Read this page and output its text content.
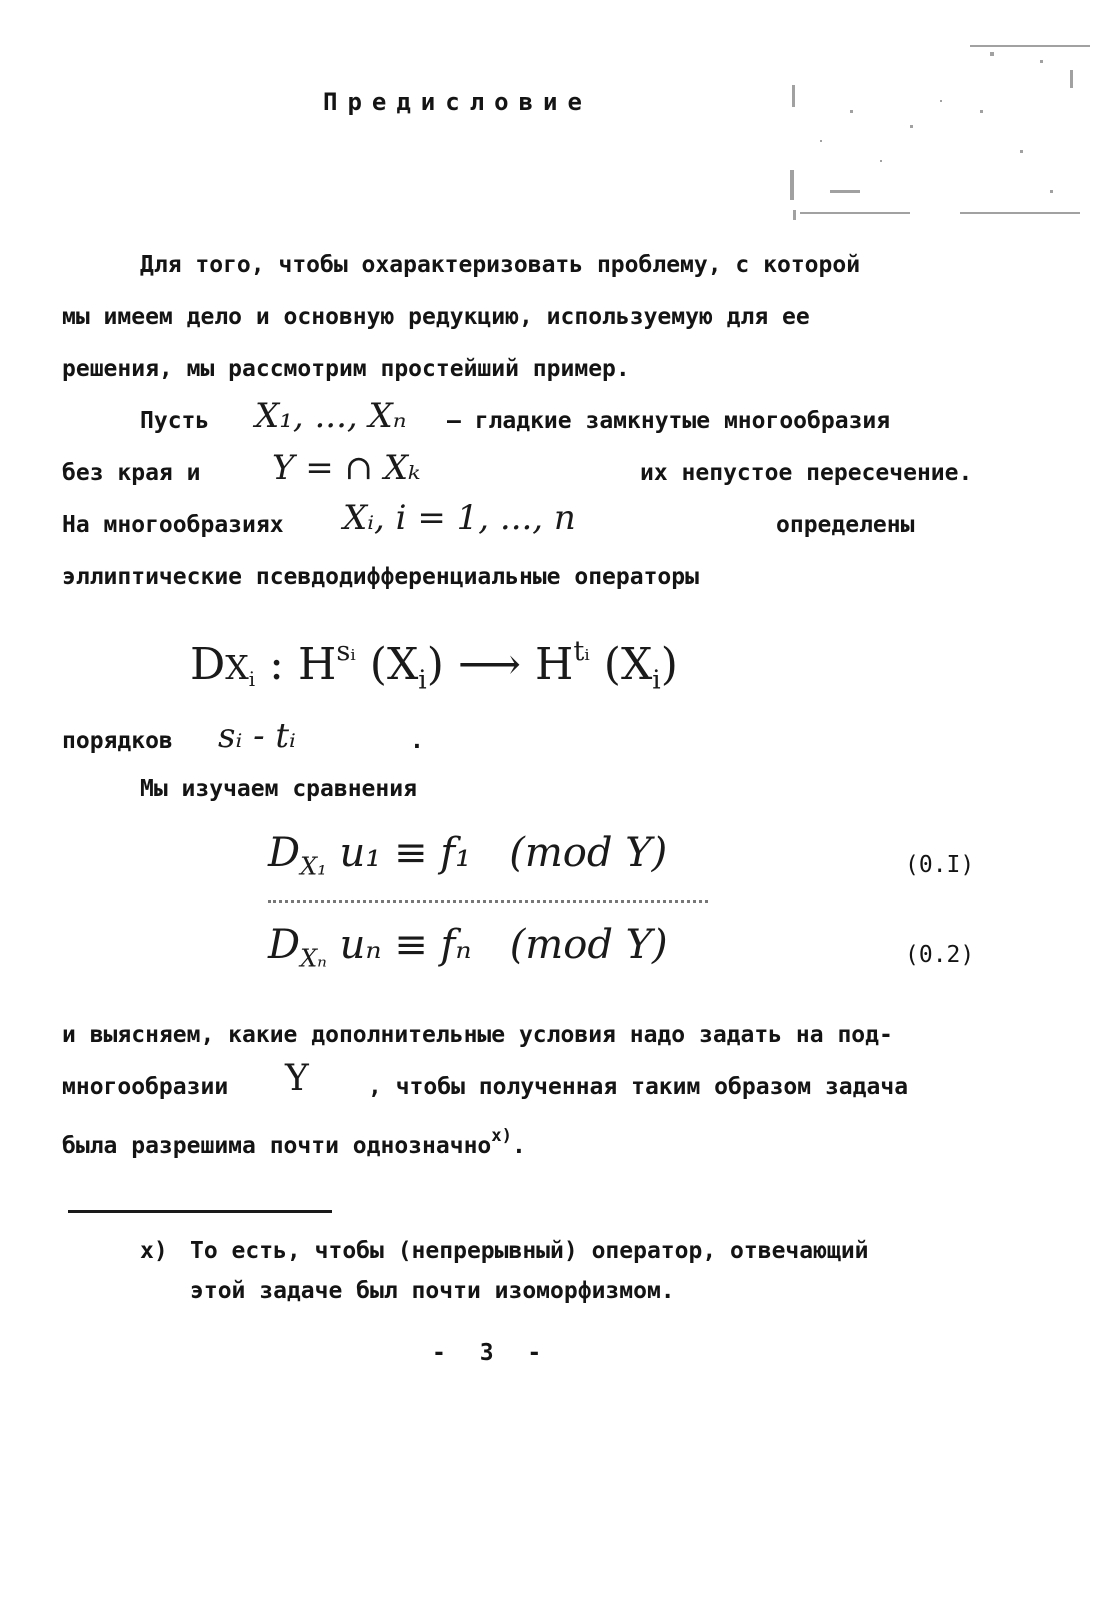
Предисловие
Для того, чтобы охарактеризовать проблему, с которой
мы имеем дело и основную редукцию, используемую для ее
решения, мы рассмотрим простейший пример.
Пусть X₁, ..., Xₙ – гладкие замкнутые многообразия
без края и Y = ∩ Xₖ	их непустое пересечение.
На многообразиях Xᵢ, i = 1, ..., n	определены
эллиптические псевдодифференциальные операторы
$DX_i$ : $H^{sᵢ}$ $(X_i)$ ⟶ $H^{tᵢ}$ $(X_i)$
порядков sᵢ - tᵢ	.
Мы изучаем сравнения
$D_{X_1}$ u₁ ≡ f₁ (mod Y)	(0.I)
$D_{X_n}$ uₙ ≡ fₙ (mod Y)	(0.2)
и выясняем, какие дополнительные условия надо задать на под-
многообразии Y	, чтобы полученная таким образом задача
была разрешима почти однозначно$^{х)}$.
х) То есть, чтобы (непрерывный) оператор, отвечающий
этой задаче был почти изоморфизмом.
- 3 -
